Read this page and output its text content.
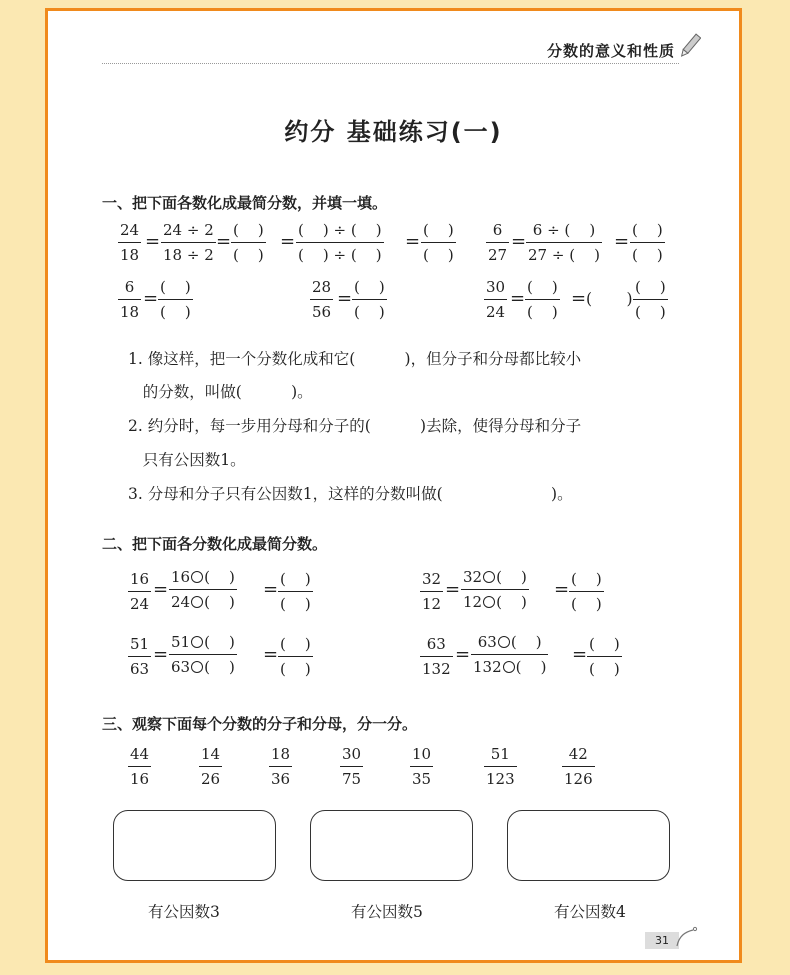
分数的意义和性质
约分 基础练习(一)
一、把下面各数化成最简分数，并填一填。
24
18
=
24 ÷ 2
18 ÷ 2
=
(    )
(    )
=
(    ) ÷ (    )
(    ) ÷ (    )
=
(    )
(    )
6
27
=
6 ÷ (    )
27 ÷ (    )
=
(    )
(    )
6
18
=
(    )
(    )
28
56
=
(    )
(    )
30
24
=
(    )
(    )
= (       )
(    )
(    )
1. 像这样，把一个分数化成和它(          )，但分子和分母都比较小
的分数，叫做(          )。
2. 约分时，每一步用分母和分子的(          )去除，使得分母和分子
只有公因数1。
3. 分母和分子只有公因数1，这样的分数叫做(                      )。
二、把下面各分数化成最简分数。
16
24
=
16 (    )
24 (    )
=
(    )
(    )
32
12
=
32 (    )
12 (    )
=
(    )
(    )
51
63
=
51 (    )
63 (    )
=
(    )
(    )
63
132
=
63 (    )
132 (    )
=
(    )
(    )
三、观察下面每个分数的分子和分母，分一分。
44
16
14
26
18
36
30
75
10
35
51
123
42
126
有公因数3	有公因数5	有公因数4
31
